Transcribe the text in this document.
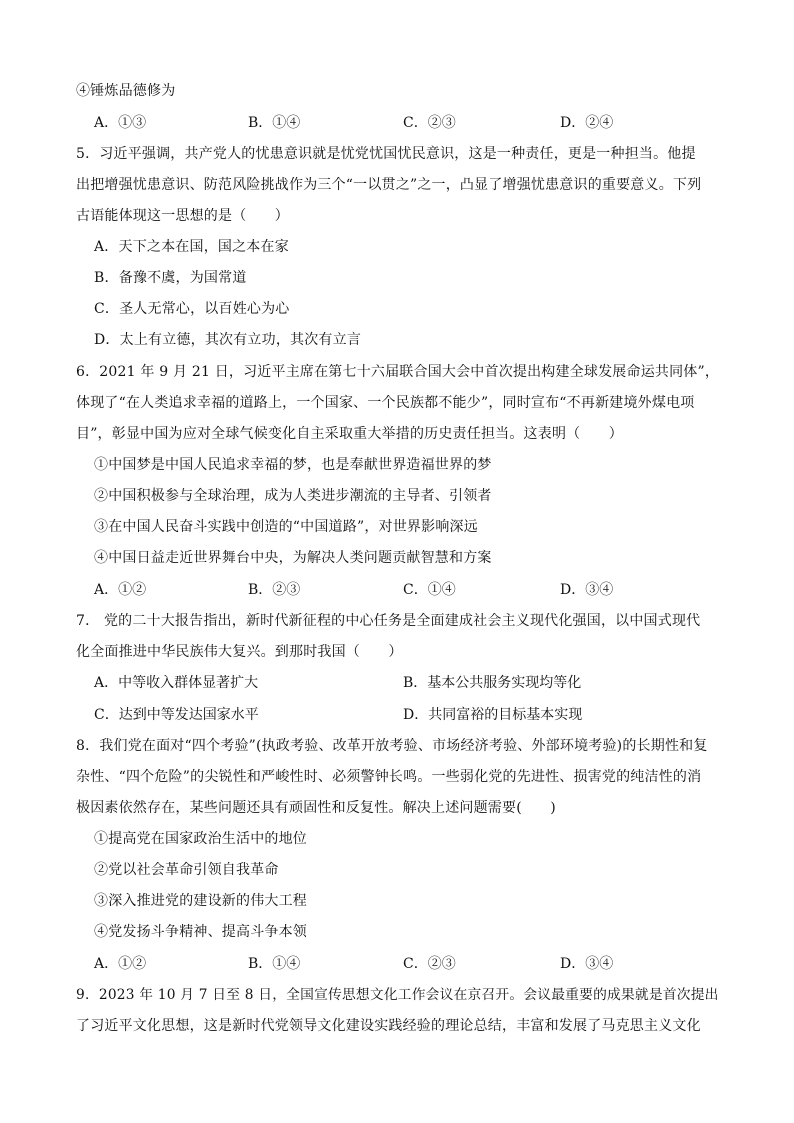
④锤炼品德修为
A．①③	B．①④	C．②③	D．②④
5．习近平强调，共产党人的忧患意识就是忧党忧国忧民意识，这是一种责任，更是一种担当。他提
出把增强忧患意识、防范风险挑战作为三个“一以贯之”之一，凸显了增强忧患意识的重要意义。下列
古语能体现这一思想的是（　　）
A．天下之本在国，国之本在家
B．备豫不虞，为国常道
C．圣人无常心，以百姓心为心
D．太上有立德，其次有立功，其次有立言
6．2021 年 9 月 21 日，习近平主席在第七十六届联合国大会中首次提出构建全球发展命运共同体”，
体现了“在人类追求幸福的道路上，一个国家、一个民族都不能少”，同时宣布“不再新建境外煤电项
目”，彰显中国为应对全球气候变化自主采取重大举措的历史责任担当。这表明（　　）
①中国梦是中国人民追求幸福的梦，也是奉献世界造福世界的梦
②中国积极参与全球治理，成为人类进步潮流的主导者、引领者
③在中国人民奋斗实践中创造的“中国道路”，对世界影响深远
④中国日益走近世界舞台中央，为解决人类问题贡献智慧和方案
A．①②	B．②③	C．①④	D．③④
7． 党的二十大报告指出，新时代新征程的中心任务是全面建成社会主义现代化强国，以中国式现代
化全面推进中华民族伟大复兴。到那时我国（　　）
A．中等收入群体显著扩大	B．基本公共服务实现均等化
C．达到中等发达国家水平	D．共同富裕的目标基本实现
8．我们党在面对“四个考验”(执政考验、改革开放考验、市场经济考验、外部环境考验)的长期性和复
杂性、“四个危险”的尖锐性和严峻性时、必须警钟长鸣。一些弱化党的先进性、损害党的纯洁性的消
极因素依然存在，某些问题还具有顽固性和反复性。解决上述问题需要(　　)
①提高党在国家政治生活中的地位
②党以社会革命引领自我革命
③深入推进党的建设新的伟大工程
④党发扬斗争精神、提高斗争本领
A．①②	B．①④	C．②③	D．③④
9．2023 年 10 月 7 日至 8 日，全国宣传思想文化工作会议在京召开。会议最重要的成果就是首次提出
了习近平文化思想，这是新时代党领导文化建设实践经验的理论总结，丰富和发展了马克思主义文化
